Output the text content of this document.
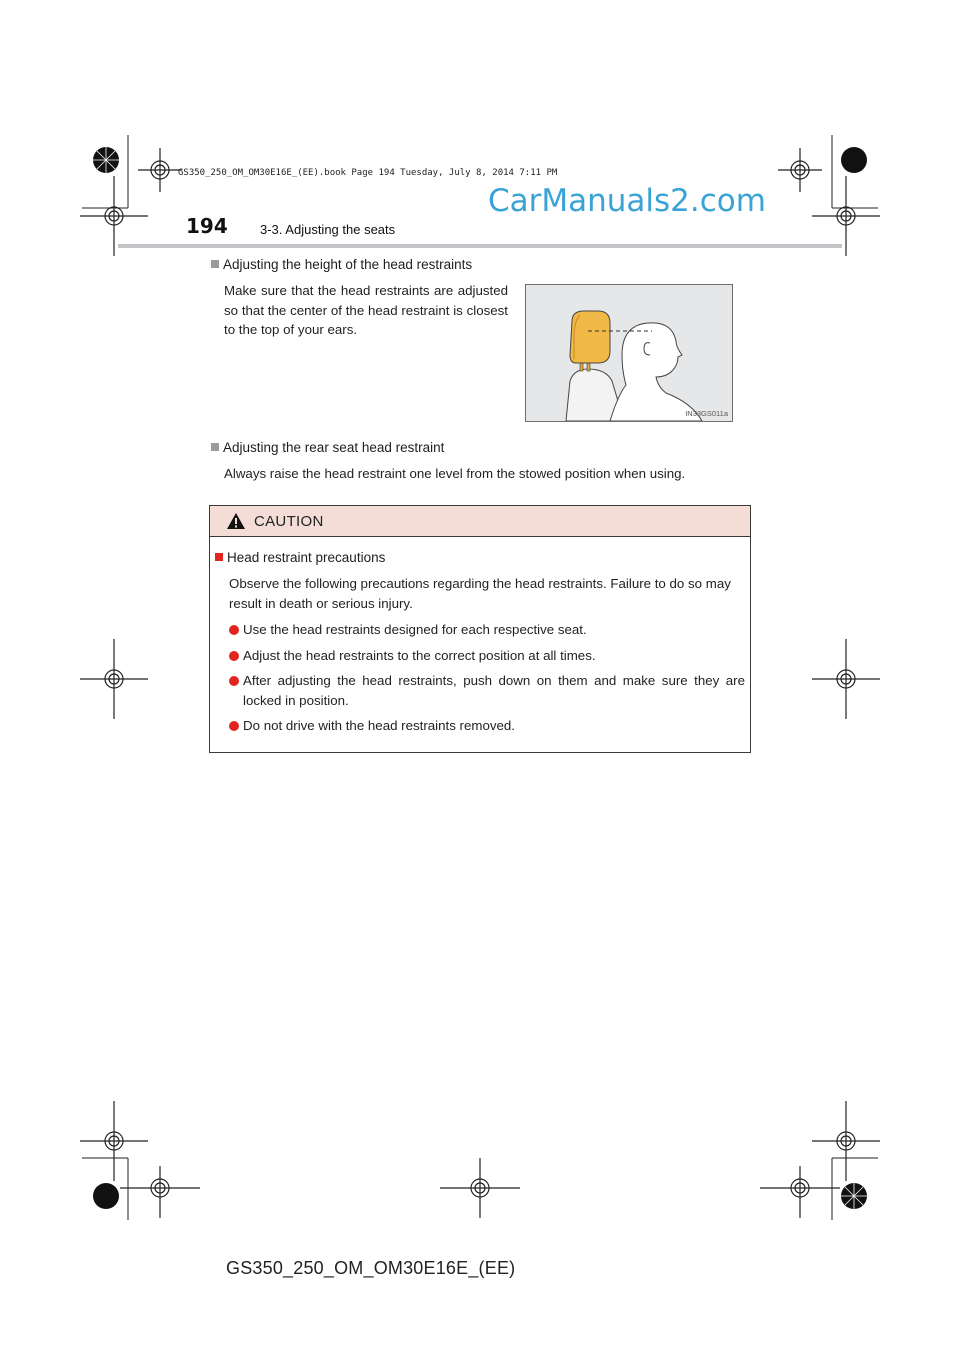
GS350_250_OM_OM30E16E_(EE).book Page 194 Tuesday, July 8, 2014 7:11 PM
CarManuals2.com
194 3-3. Adjusting the seats
Adjusting the height of the head restraints
Make sure that the head restraints are adjusted so that the center of the head restraint is closest to the top of your ears.
IN33GS011a
Adjusting the rear seat head restraint
Always raise the head restraint one level from the stowed position when using.
CAUTION
Head restraint precautions
Observe the following precautions regarding the head restraints. Failure to do so may result in death or serious injury.
Use the head restraints designed for each respective seat.
Adjust the head restraints to the correct position at all times.
After adjusting the head restraints, push down on them and make sure they are locked in position.
Do not drive with the head restraints removed.
GS350_250_OM_OM30E16E_(EE)
